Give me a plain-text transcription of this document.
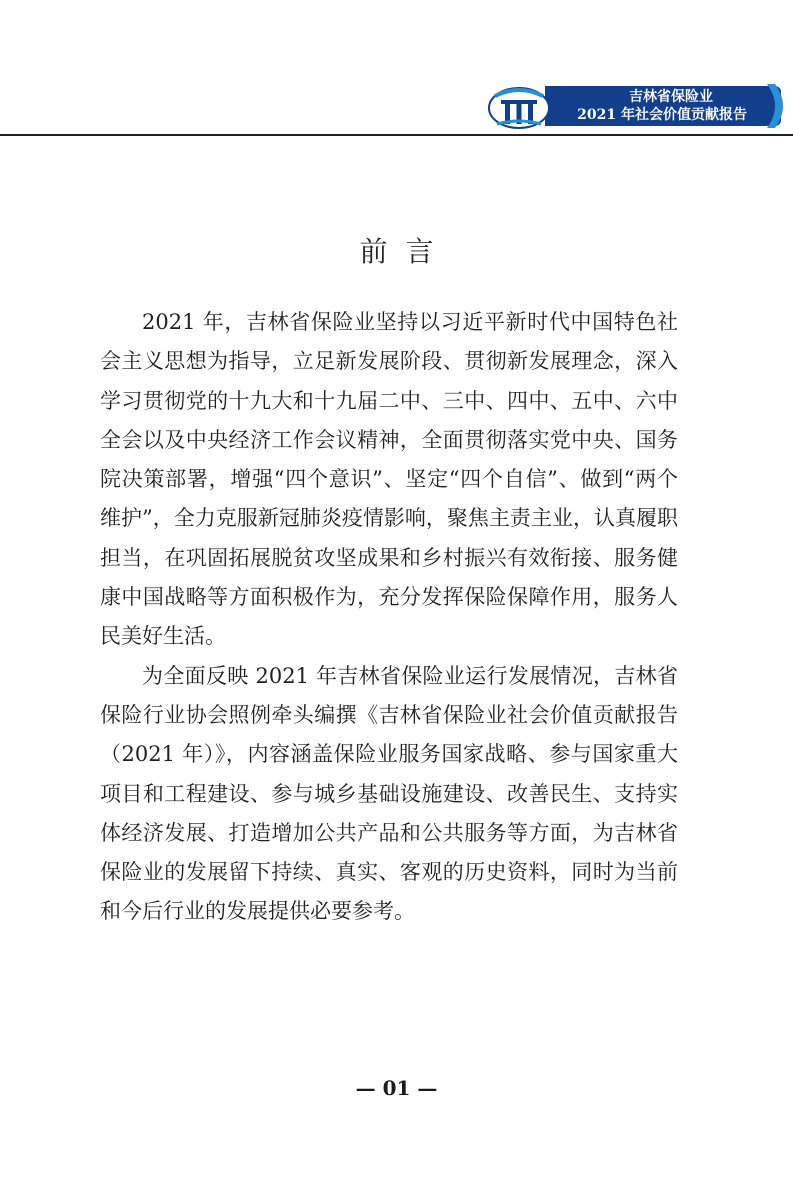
吉林省保险业
2021 年社会价值贡献报告
前言

2021 年，吉林省保险业坚持以习近平新时代中国特色社会主义思想为指导，立足新发展阶段、贯彻新发展理念，深入学习贯彻党的十九大和十九届二中、三中、四中、五中、六中全会以及中央经济工作会议精神，全面贯彻落实党中央、国务院决策部署，增强“四个意识”、坚定“四个自信”、做到“两个维护”，全力克服新冠肺炎疫情影响，聚焦主责主业，认真履职担当，在巩固拓展脱贫攻坚成果和乡村振兴有效衔接、服务健康中国战略等方面积极作为，充分发挥保险保障作用，服务人民美好生活。

为全面反映 2021 年吉林省保险业运行发展情况，吉林省保险行业协会照例牵头编撰《吉林省保险业社会价值贡献报告（2021 年）》，内容涵盖保险业服务国家战略、参与国家重大项目和工程建设、参与城乡基础设施建设、改善民生、支持实体经济发展、打造增加公共产品和公共服务等方面，为吉林省保险业的发展留下持续、真实、客观的历史资料，同时为当前和今后行业的发展提供必要参考。

— 01 —
